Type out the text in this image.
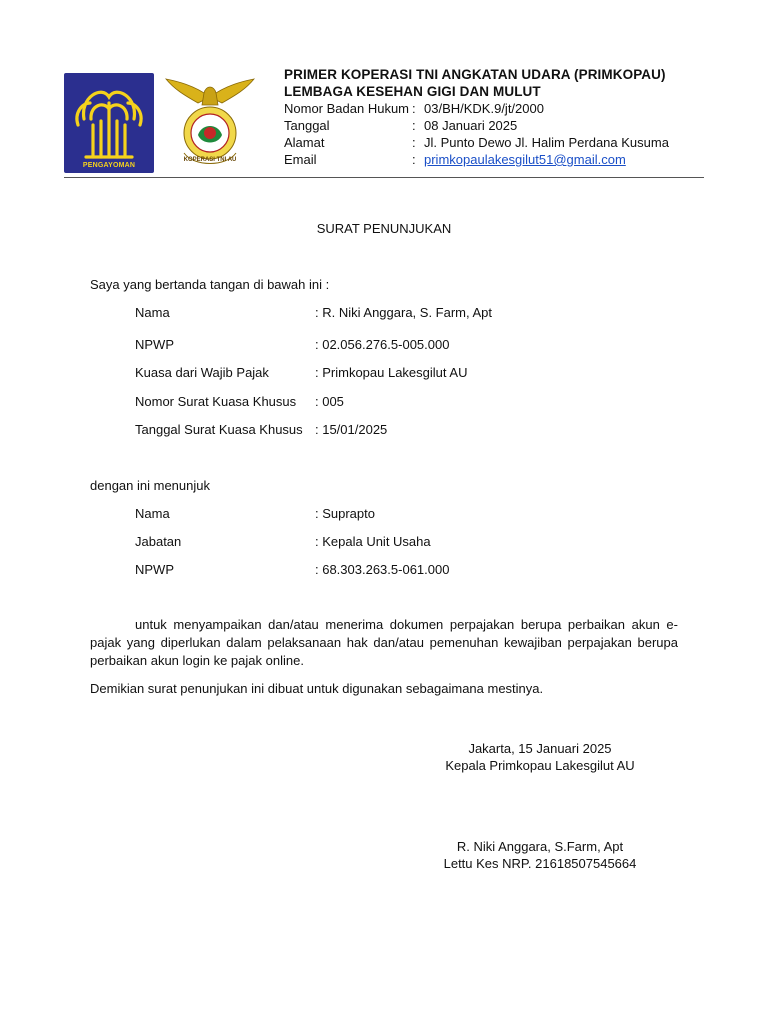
PENGAYOMAN
KOPERASI TNI AU
PRIMER KOPERASI TNI ANGKATAN UDARA (PRIMKOPAU)
LEMBAGA KESEHAN GIGI DAN MULUT
Nomor Badan Hukum : 03/BH/KDK.9/jt/2000
Tanggal	: 08 Januari 2025
Alamat	: Jl. Punto Dewo Jl. Halim Perdana Kusuma
Email	: primkopaulakesgilut51@gmail.com
SURAT PENUNJUKAN
Saya yang bertanda tangan di bawah ini :
Nama	: R. Niki Anggara, S. Farm, Apt
NPWP	: 02.056.276.5-005.000
Kuasa dari Wajib Pajak	: Primkopau Lakesgilut AU
Nomor Surat Kuasa Khusus : 005
Tanggal Surat Kuasa Khusus : 15/01/2025
dengan ini menunjuk
Nama	: Suprapto
Jabatan	: Kepala Unit Usaha
NPWP	: 68.303.263.5-061.000
untuk menyampaikan dan/atau menerima dokumen perpajakan berupa perbaikan akun e-pajak yang diperlukan dalam pelaksanaan hak dan/atau pemenuhan kewajiban perpajakan berupa perbaikan akun login ke pajak online.
Demikian surat penunjukan ini dibuat untuk digunakan sebagaimana mestinya.
Jakarta, 15 Januari 2025
Kepala Primkopau Lakesgilut AU
R. Niki Anggara, S.Farm, Apt
Lettu Kes NRP. 21618507545664
